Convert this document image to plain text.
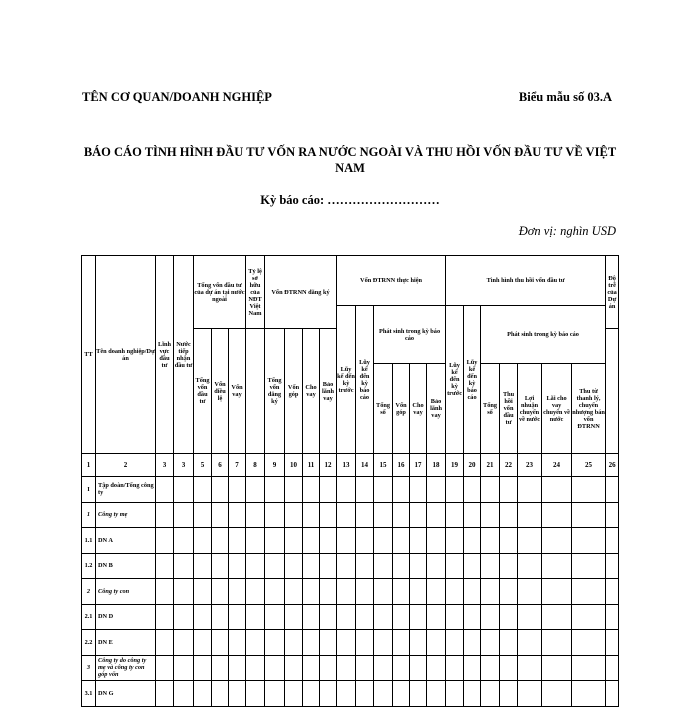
TÊN CƠ QUAN/DOANH NGHIỆP	Biểu mẫu số 03.A
BÁO CÁO TÌNH HÌNH ĐẦU TƯ VỐN RA NƯỚC NGOÀI VÀ THU HỒI VỐN ĐẦU TƯ VỀ VIỆT NAM
Kỳ báo cáo: ………………………
Đơn vị: nghìn USD
TT	Tên doanh nghiệp/Dự án	Lĩnh vực đầu tư	Nước tiếp nhận đầu tư	Tổng vốn đầu tư của dự án tại nước ngoài			Tỷ lệ sở hữu của NĐT Việt Nam	Vốn ĐTRNN đăng ký				Vốn ĐTRNN thực hiện						Tình hình thu hồi vốn đầu tư							Độ trễ của Dự án
												Lũy kế đến kỳ trước	Lũy kế đến kỳ báo cáo	Phát sinh trong kỳ báo cáo				Lũy kế đến kỳ trước	Lũy kế đến kỳ báo cáo	Phát sinh trong kỳ báo cáo					
				Tổng vốn đầu tư	Vốn điều lệ	Vốn vay		Tổng vốn đăng ký	Vốn góp	Cho vay	Bảo lãnh vay														
														Tổng số	Vốn góp	Cho vay	Bảo lãnh vay			Tổng số	Thu hồi vốn đầu tư	Lợi nhuận chuyển về nước	Lãi cho vay chuyển về nước	Thu từ thanh lý, chuyển nhượng bán vốn ĐTRNN	
1	2	3	3	5	6	7	8	9	10	11	12	13	14	15	16	17	18	19	20	21	22	23	24	25	26
I	Tập đoàn/Tổng công ty																								
1	Công ty mẹ																								
1.1	DN A																								
1.2	DN B																								
2	Công ty con																								
2.1	DN D																								
2.2	DN E																								
3	Công ty do công ty mẹ và công ty con góp vốn																								
3.1	DN G																								
